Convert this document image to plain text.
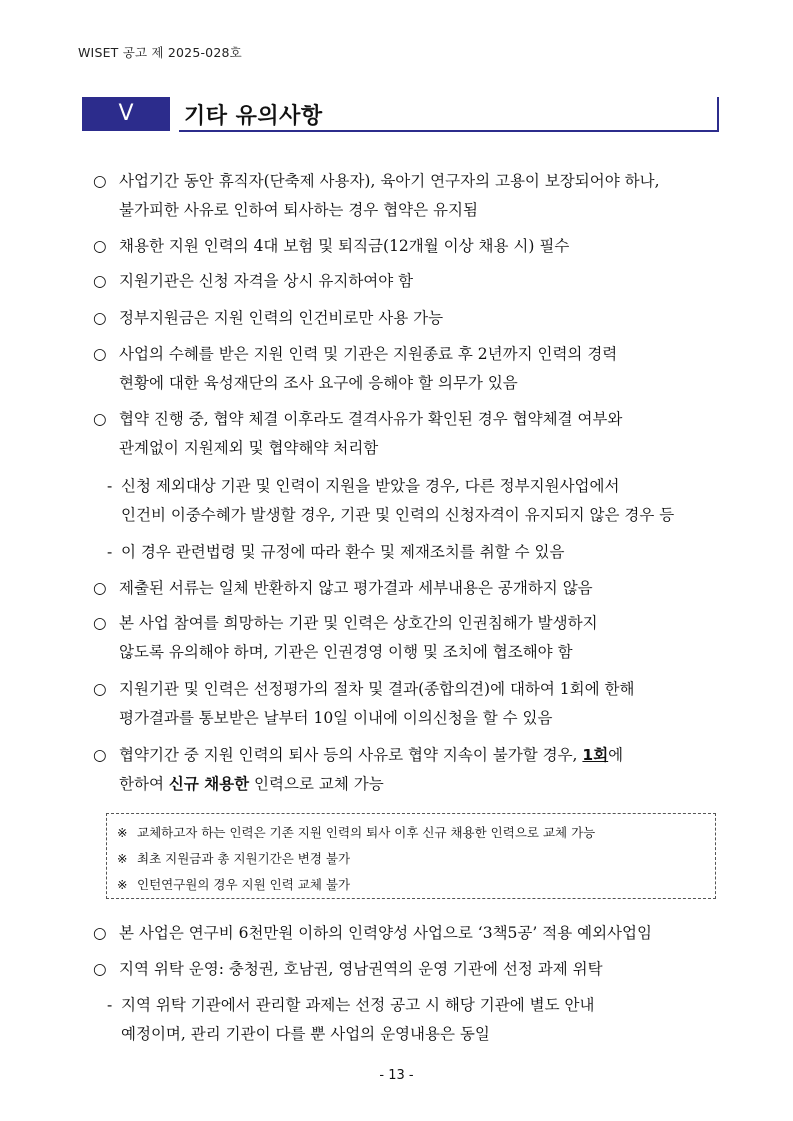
WISET 공고 제 2025-028호
Ⅴ	기타 유의사항
○ 사업기간 동안 휴직자(단축제 사용자), 육아기 연구자의 고용이 보장되어야 하나,
불가피한 사유로 인하여 퇴사하는 경우 협약은 유지됨
○ 채용한 지원 인력의 4대 보험 및 퇴직금(12개월 이상 채용 시) 필수
○ 지원기관은 신청 자격을 상시 유지하여야 함
○ 정부지원금은 지원 인력의 인건비로만 사용 가능
○ 사업의 수혜를 받은 지원 인력 및 기관은 지원종료 후 2년까지 인력의 경력
현황에 대한 육성재단의 조사 요구에 응해야 할 의무가 있음
○ 협약 진행 중, 협약 체결 이후라도 결격사유가 확인된 경우 협약체결 여부와
관계없이 지원제외 및 협약해약 처리함
- 신청 제외대상 기관 및 인력이 지원을 받았을 경우, 다른 정부지원사업에서
인건비 이중수혜가 발생할 경우, 기관 및 인력의 신청자격이 유지되지 않은 경우 등
- 이 경우 관련법령 및 규정에 따라 환수 및 제재조치를 취할 수 있음
○ 제출된 서류는 일체 반환하지 않고 평가결과 세부내용은 공개하지 않음
○ 본 사업 참여를 희망하는 기관 및 인력은 상호간의 인권침해가 발생하지
않도록 유의해야 하며, 기관은 인권경영 이행 및 조치에 협조해야 함
○ 지원기관 및 인력은 선정평가의 절차 및 결과(종합의견)에 대하여 1회에 한해
평가결과를 통보받은 날부터 10일 이내에 이의신청을 할 수 있음
○ 협약기간 중 지원 인력의 퇴사 등의 사유로 협약 지속이 불가할 경우, 1회에
한하여 신규 채용한 인력으로 교체 가능
※ 교체하고자 하는 인력은 기존 지원 인력의 퇴사 이후 신규 채용한 인력으로 교체 가능
※ 최초 지원금과 총 지원기간은 변경 불가
※ 인턴연구원의 경우 지원 인력 교체 불가
○ 본 사업은 연구비 6천만원 이하의 인력양성 사업으로 ‘3책5공’ 적용 예외사업임
○ 지역 위탁 운영: 충청권, 호남권, 영남권역의 운영 기관에 선정 과제 위탁
- 지역 위탁 기관에서 관리할 과제는 선정 공고 시 해당 기관에 별도 안내
예정이며, 관리 기관이 다를 뿐 사업의 운영내용은 동일
- 13 -
